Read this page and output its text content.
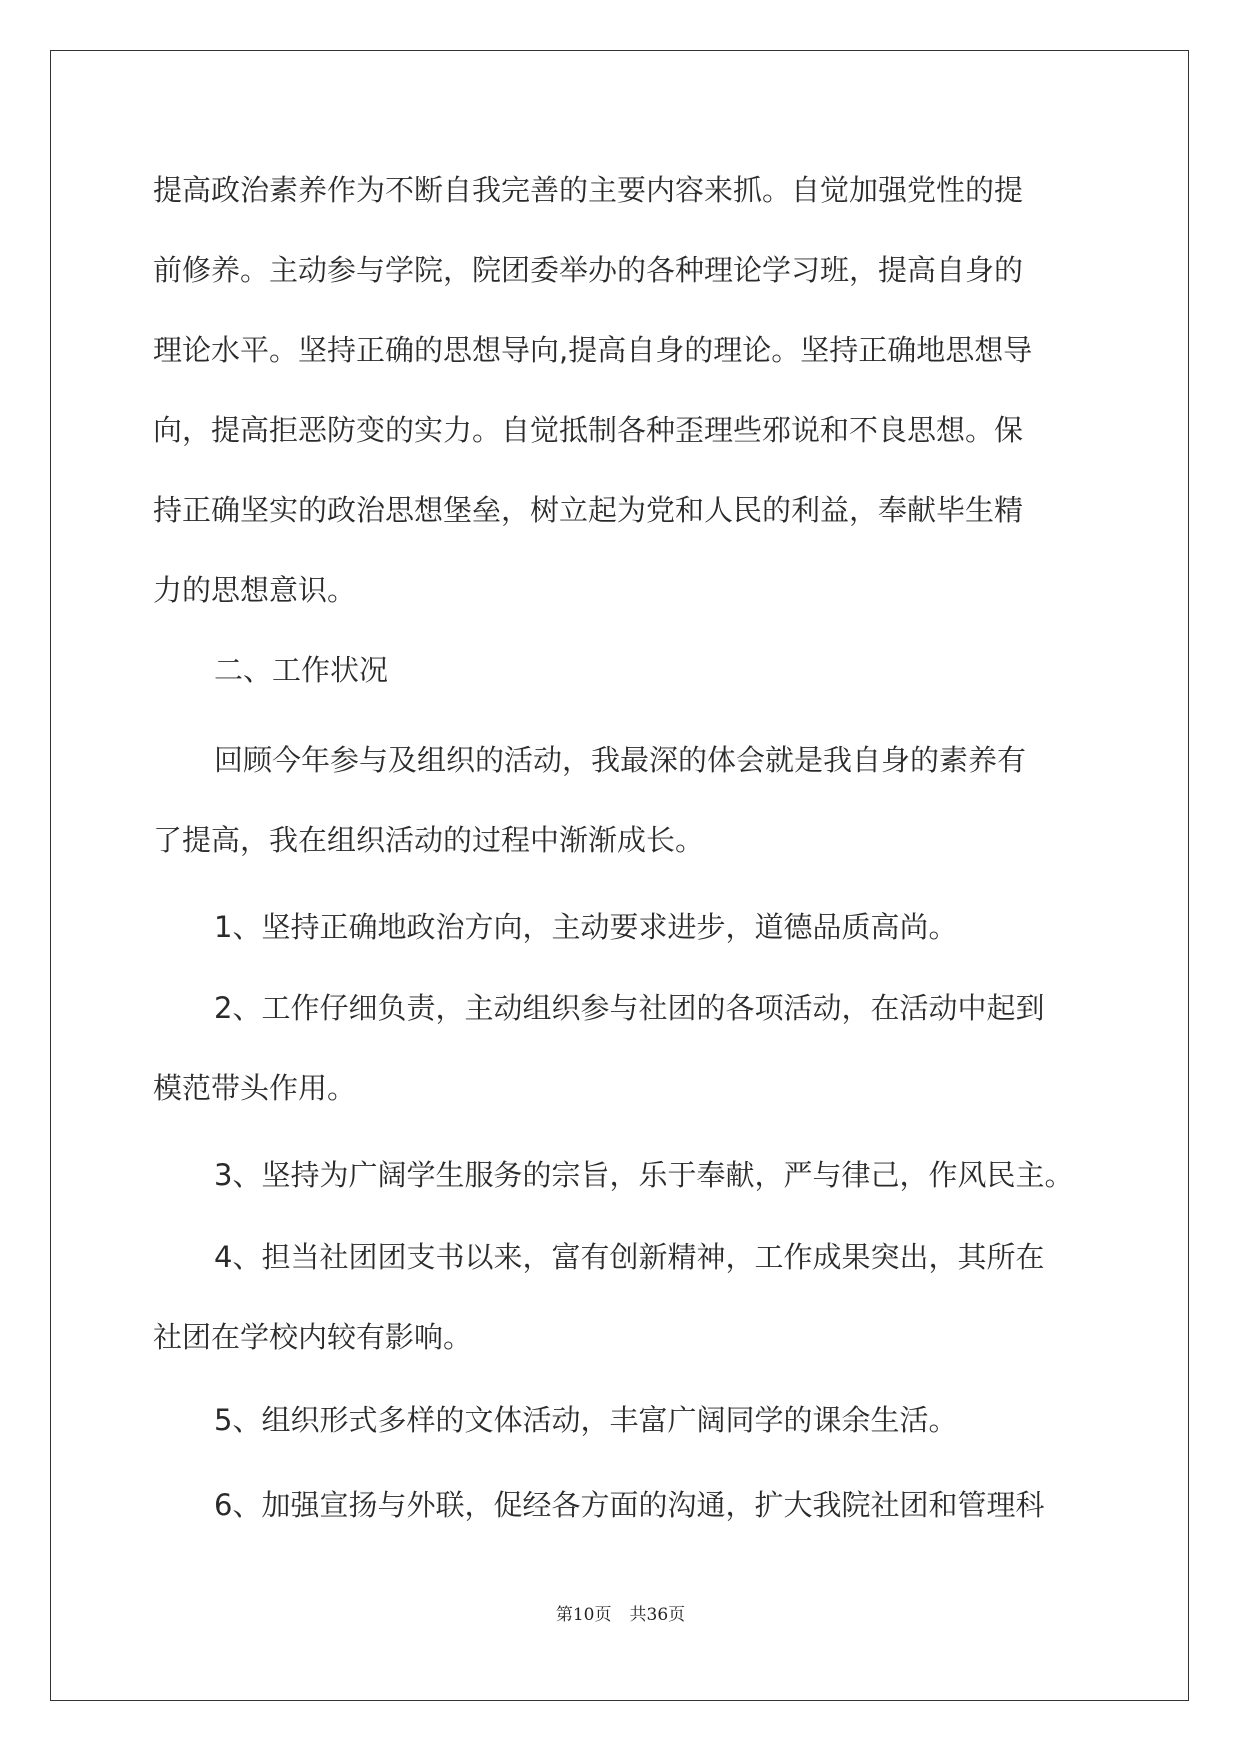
提高政治素养作为不断自我完善的主要内容来抓。自觉加强党性的提
前修养。主动参与学院，院团委举办的各种理论学习班，提高自身的
理论水平。坚持正确的思想导向,提高自身的理论。坚持正确地思想导
向，提高拒恶防变的实力。自觉抵制各种歪理些邪说和不良思想。保
持正确坚实的政治思想堡垒，树立起为党和人民的利益，奉献毕生精
力的思想意识。
二、工作状况
回顾今年参与及组织的活动，我最深的体会就是我自身的素养有
了提高，我在组织活动的过程中渐渐成长。
1、坚持正确地政治方向，主动要求进步，道德品质高尚。
2、工作仔细负责，主动组织参与社团的各项活动，在活动中起到
模范带头作用。
3、坚持为广阔学生服务的宗旨，乐于奉献，严与律己，作风民主。
4、担当社团团支书以来，富有创新精神，工作成果突出，其所在
社团在学校内较有影响。
5、组织形式多样的文体活动，丰富广阔同学的课余生活。
6、加强宣扬与外联，促经各方面的沟通，扩大我院社团和管理科
第10页 共36页
